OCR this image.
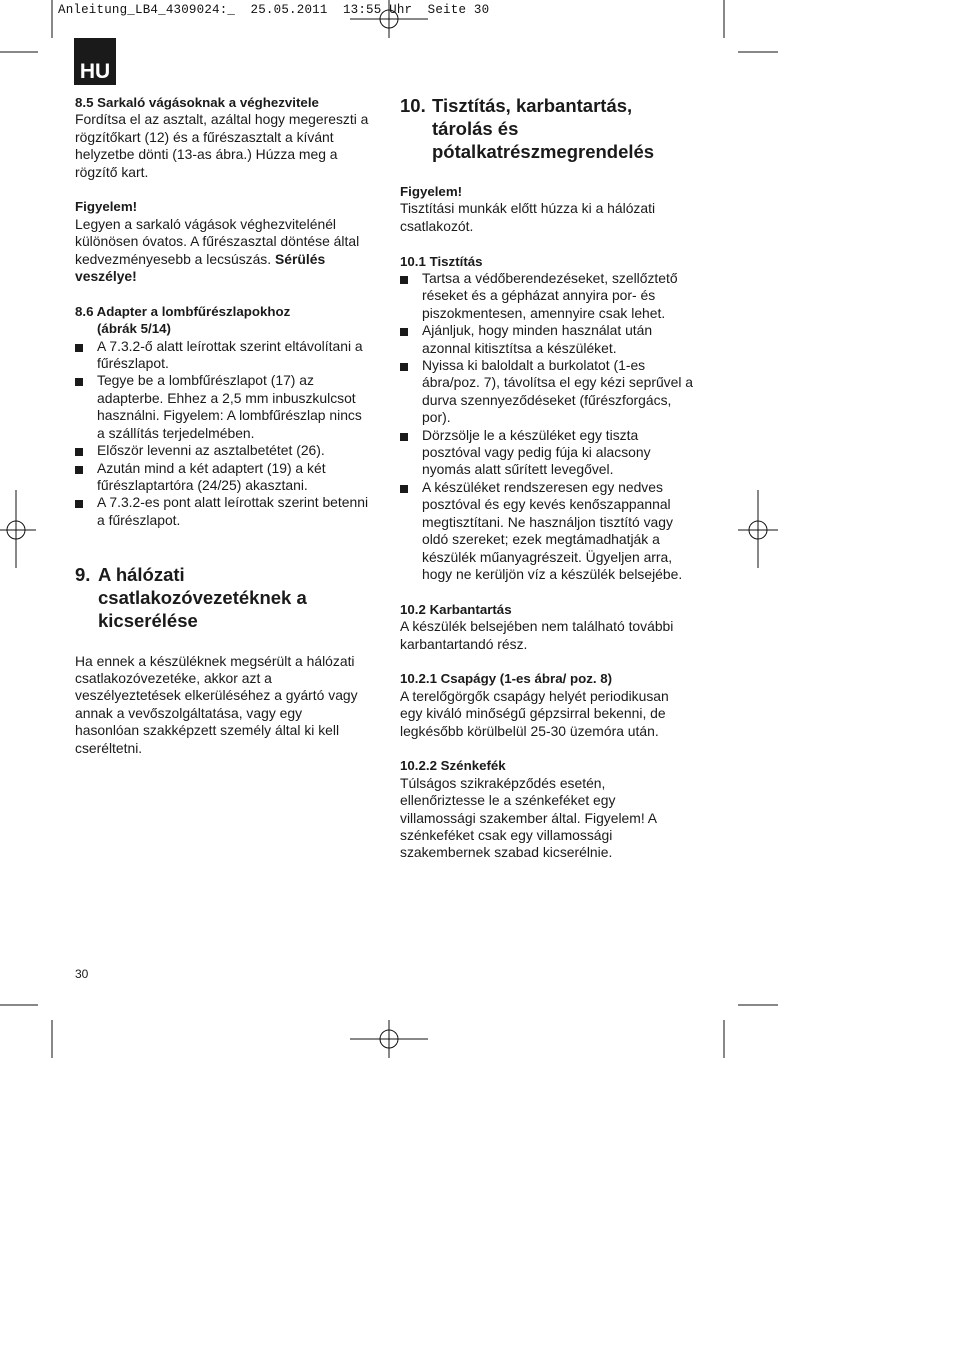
Anleitung_LB4_4309024:_  25.05.2011  13:55 Uhr  Seite 30
HU

8.5 Sarkaló vágásoknak a véghezvitele

Fordítsa el az asztalt, azáltal hogy megereszti a

rögzítőkart (12) és a fűrészasztalt a kívánt

helyzetbe dönti (13-as ábra.) Húzza meg a

rögzítő kart.

Figyelem!

Legyen a sarkaló vágások véghezvitelénél

különösen óvatos. A fűrészasztal döntése által

kedvezményesebb a lecsúszás. Sérülés

veszélye!

8.6 Adapter a lombfűrészlapokhoz

(ábrák 5/14)

A 7.3.2-ő alatt leírottak szerint eltávolítani a

fűrészlapot.

Tegye be a lombfűrészlapot (17) az

adapterbe. Ehhez a 2,5 mm inbuszkulcsot

használni. Figyelem: A lombfűrészlap nincs

a szállítás terjedelmében.

Először levenni az asztalbetétet (26).

Azután mind a két adaptert (19) a két

fűrészlaptartóra (24/25) akasztani.

A 7.3.2-es pont alatt leírottak szerint betenni

a fűrészlapot.

9. A hálózati

csatlakozóvezetéknek a

kicserélése

Ha ennek a készüléknek megsérült a hálózati

csatlakozóvezetéke, akkor azt a

veszélyeztetések elkerüléséhez a gyártó vagy

annak a vevőszolgáltatása, vagy egy

hasonlóan szakképzett személy által ki kell

cseréltetni.

10. Tisztítás, karbantartás,

tárolás és

pótalkatrészmegrendelés

Figyelem!

Tisztítási munkák előtt húzza ki a hálózati

csatlakozót.

10.1 Tisztítás

Tartsa a védőberendezéseket, szellőztető

réseket és a gépházat annyira por- és

piszokmentesen, amennyire csak lehet.

Ajánljuk, hogy minden használat után

azonnal kitisztítsa a készüléket.

Nyissa ki baloldalt a burkolatot (1-es

ábra/poz. 7), távolítsa el egy kézi seprűvel a

durva szennyeződéseket (fűrészforgács,

por).

Dörzsölje le a készüléket egy tiszta

posztóval vagy pedig fúja ki alacsony

nyomás alatt sűrített levegővel.

A készüléket rendszeresen egy nedves

posztóval és egy kevés kenőszappannal

megtisztítani. Ne használjon tisztító vagy

oldó szereket; ezek megtámadhatják a

készülék műanyagrészeit. Ügyeljen arra,

hogy ne kerüljön víz a készülék belsejébe.

10.2 Karbantartás

A készülék belsejében nem található további

karbantartandó rész.

10.2.1 Csapágy (1-es ábra/ poz. 8)

A terelőgörgők csapágy helyét periodikusan

egy kiváló minőségű gépzsirral bekenni, de

legkésőbb körülbelül 25-30 üzemóra után.

10.2.2 Szénkefék

Túlságos szikraképződés esetén,

ellenőriztesse le a szénkeféket egy

villamossági szakember által. Figyelem! A

szénkeféket csak egy villamossági

szakembernek szabad kicserélnie.

30
